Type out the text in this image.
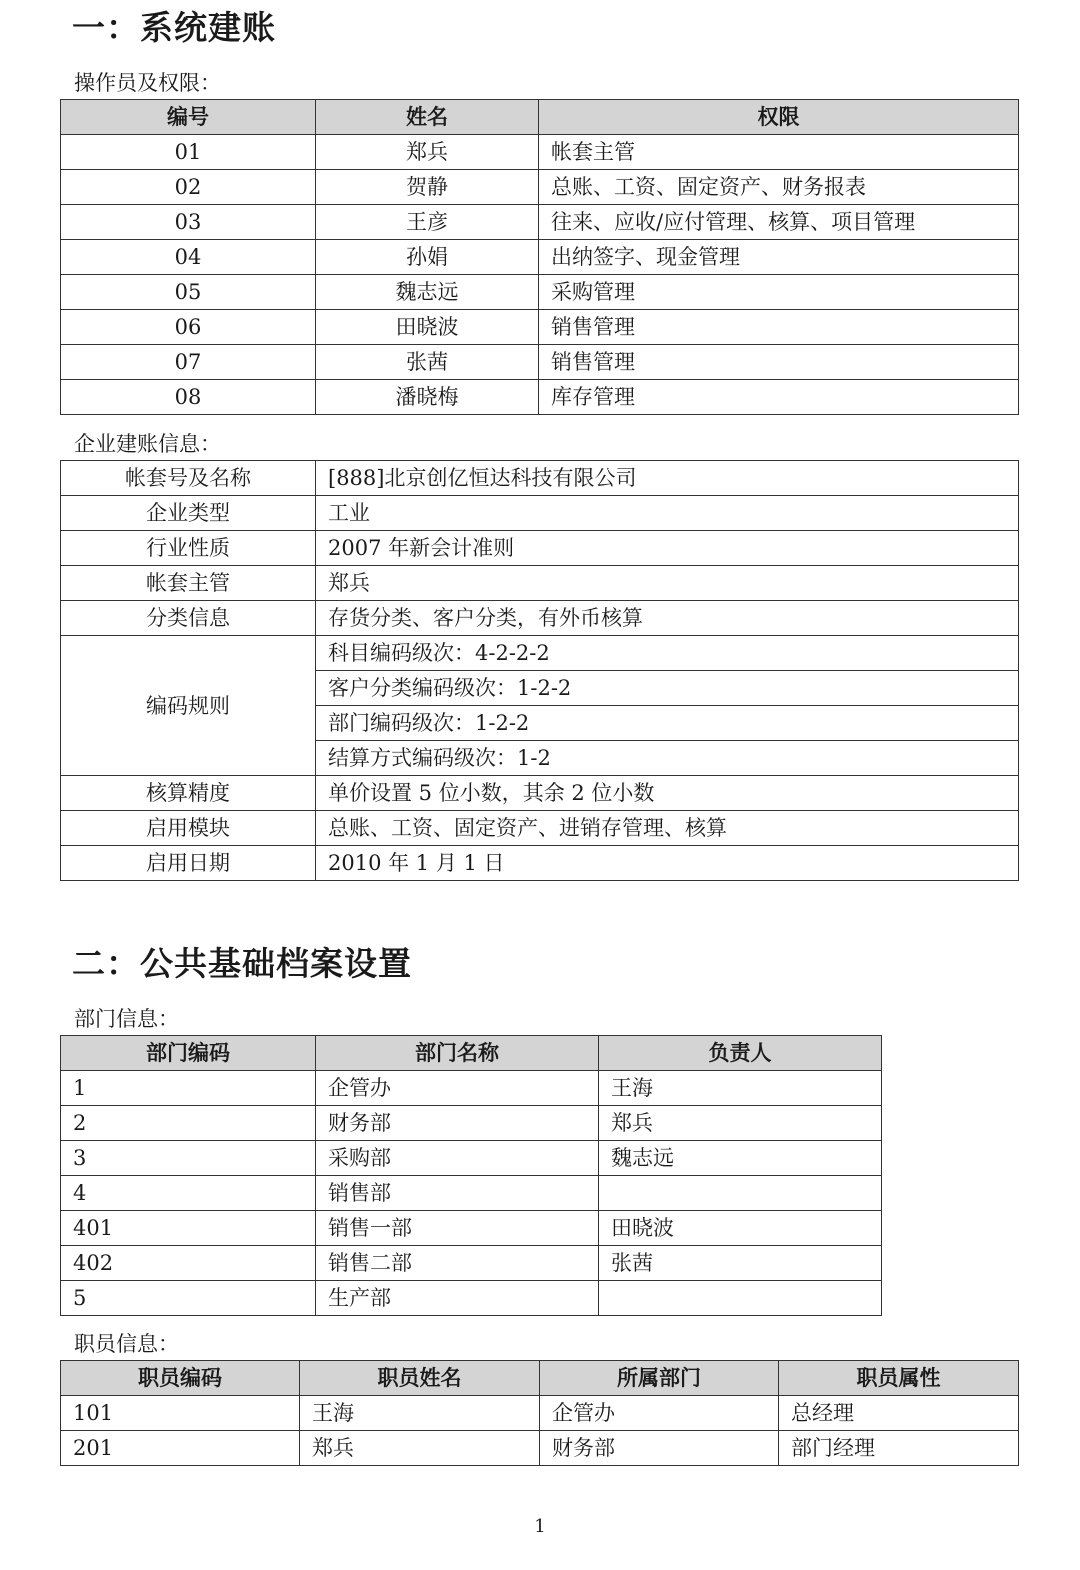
一：系统建账

操作员及权限：

编号	姓名	权限
01	郑兵	帐套主管
02	贺静	总账、工资、固定资产、财务报表
03	王彦	往来、应收/应付管理、核算、项目管理
04	孙娟	出纳签字、现金管理
05	魏志远	采购管理
06	田晓波	销售管理
07	张茜	销售管理
08	潘晓梅	库存管理

企业建账信息：

帐套号及名称	[888]北京创亿恒达科技有限公司
企业类型	工业
行业性质	2007 年新会计准则
帐套主管	郑兵
分类信息	存货分类、客户分类，有外币核算
编码规则	科目编码级次：4-2-2-2
	客户分类编码级次：1-2-2
	部门编码级次：1-2-2
	结算方式编码级次：1-2
核算精度	单价设置 5 位小数，其余 2 位小数
启用模块	总账、工资、固定资产、进销存管理、核算
启用日期	2010 年 1 月 1 日
二：公共基础档案设置

部门信息：

部门编码	部门名称	负责人
1	企管办	王海
2	财务部	郑兵
3	采购部	魏志远
4	销售部	
401	销售一部	田晓波
402	销售二部	张茜
5	生产部	

职员信息：

职员编码	职员姓名	所属部门	职员属性
101	王海	企管办	总经理
201	郑兵	财务部	部门经理
1
